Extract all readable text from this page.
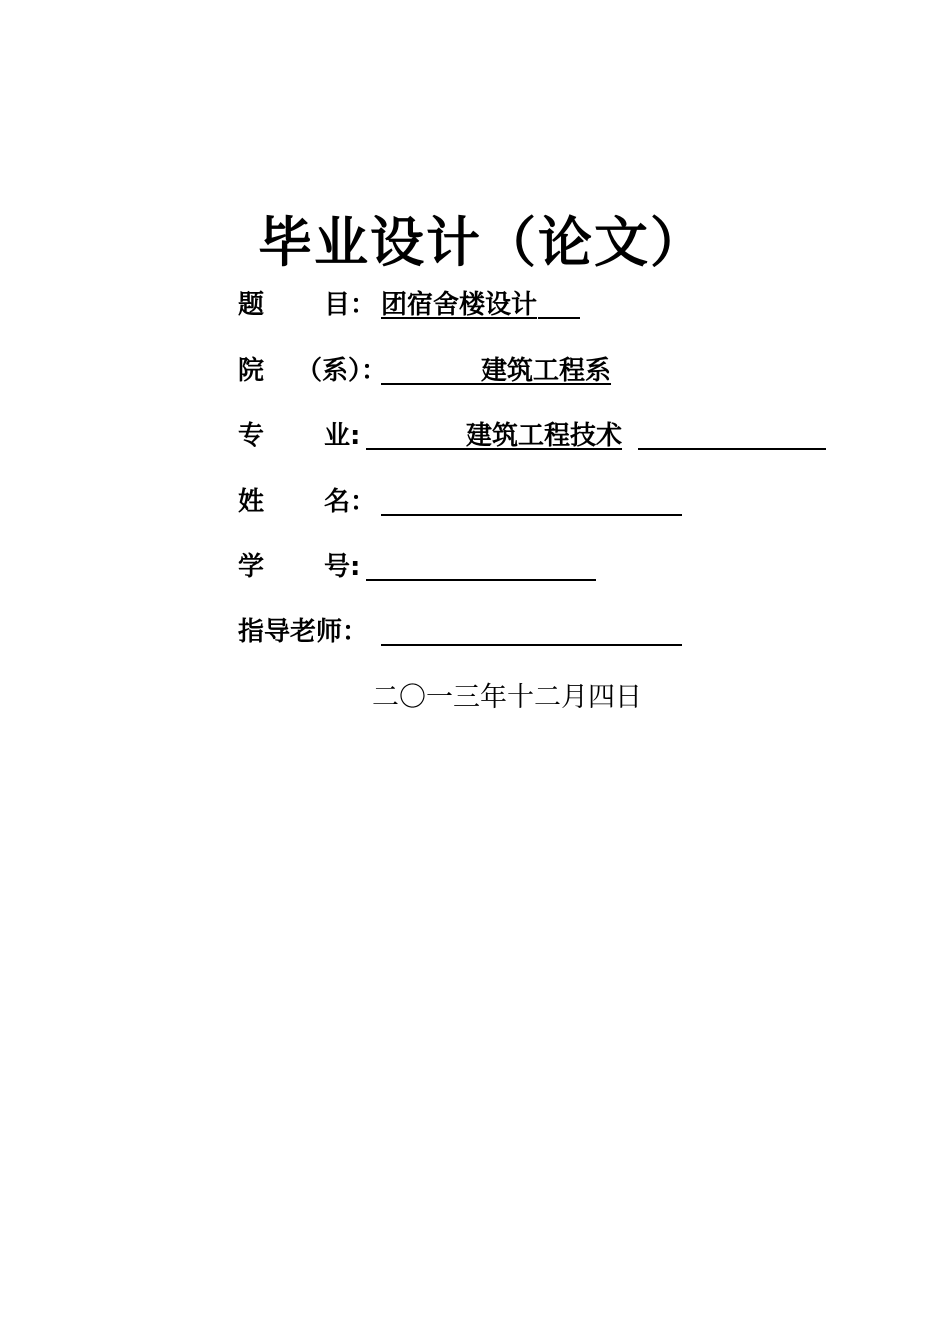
毕业设计（论文）
题 目： 团宿舍楼设计
院 （系）：	建筑工程系
专 业:	建筑工程技术
姓 名：
学 号:
指导老师：
二〇一三年十二月四日
